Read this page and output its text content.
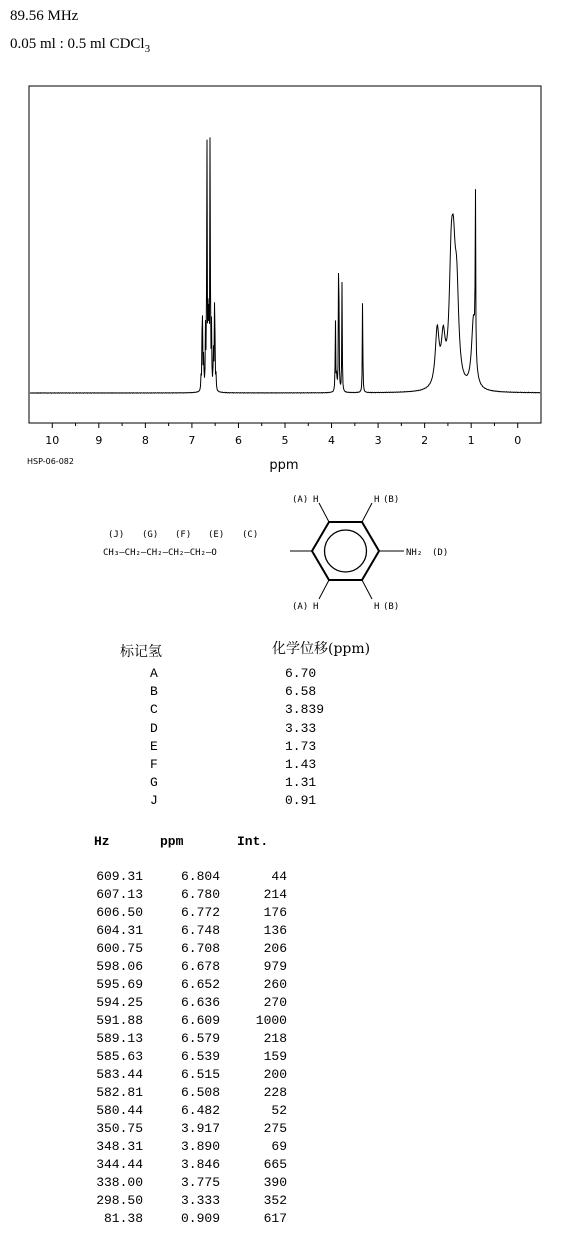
89.56 MHz
0.05 ml : 0.5 ml CDCl$_3$
10	9	8	7	6	5	4	3	2	1	0
ppm
HSP-06-082
(J) (G) (F) (E) (C)
CH₃—CH₂—CH₂—CH₂—CH₂—O
(A) H	H (B)
(A) H	H (B)
NH₂ (D)
标记氢	化学位移(ppm)
A	6.70
B	6.58
C	3.839
D	3.33
E	1.73
F	1.43
G	1.31
J	0.91
Hz	ppm	Int.
609.31	6.804	44
607.13	6.780	214
606.50	6.772	176
604.31	6.748	136
600.75	6.708	206
598.06	6.678	979
595.69	6.652	260
594.25	6.636	270
591.88	6.609	1000
589.13	6.579	218
585.63	6.539	159
583.44	6.515	200
582.81	6.508	228
580.44	6.482	52
350.75	3.917	275
348.31	3.890	69
344.44	3.846	665
338.00	3.775	390
298.50	3.333	352
81.38	0.909	617
